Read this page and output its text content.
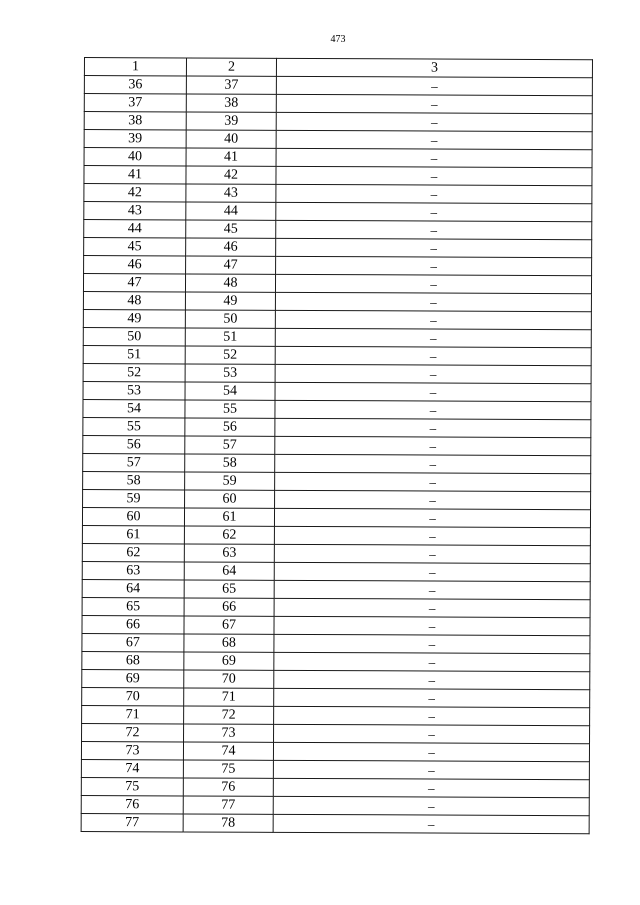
473
1	2	3
36	37	–
37	38	–
38	39	–
39	40	–
40	41	–
41	42	–
42	43	–
43	44	–
44	45	–
45	46	–
46	47	–
47	48	–
48	49	–
49	50	–
50	51	–
51	52	–
52	53	–
53	54	–
54	55	–
55	56	–
56	57	–
57	58	–
58	59	–
59	60	–
60	61	–
61	62	–
62	63	–
63	64	–
64	65	–
65	66	–
66	67	–
67	68	–
68	69	–
69	70	–
70	71	–
71	72	–
72	73	–
73	74	–
74	75	–
75	76	–
76	77	–
77	78	–
